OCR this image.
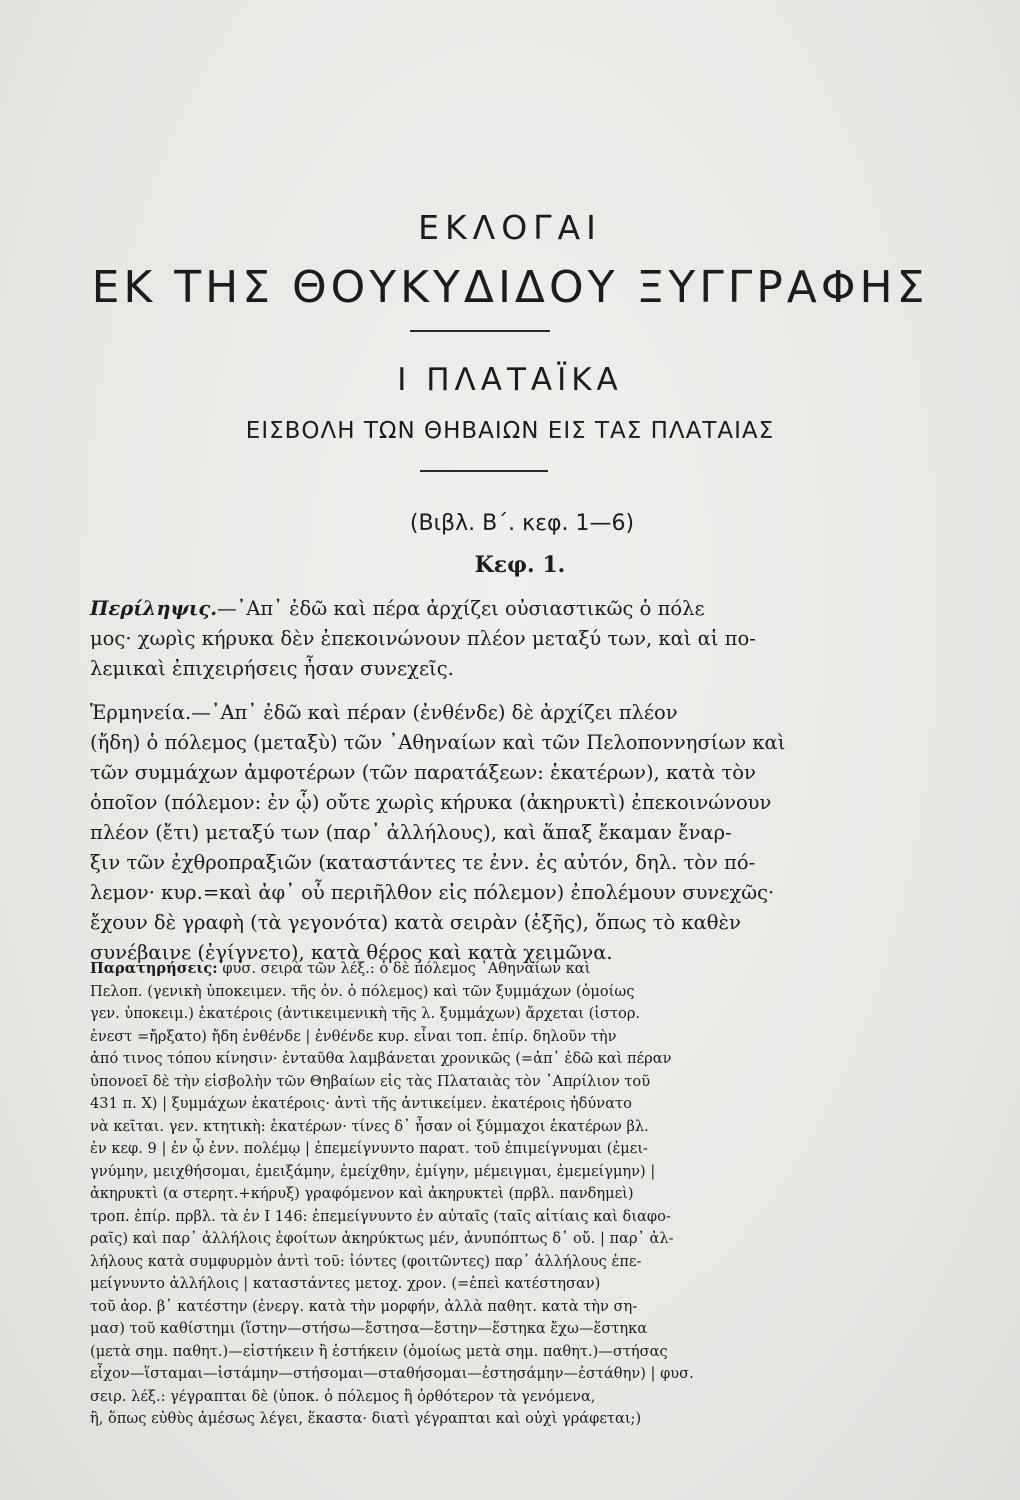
ΕΚΛΟΓΑΙ
ΕΚ ΤΗΣ ΘΟΥΚΥΔΙΔΟΥ ΞΥΓΓΡΑΦΗΣ
Ι ΠΛΑΤΑΪΚΑ
ΕΙΣΒΟΛΗ ΤΩΝ ΘΗΒΑΙΩΝ ΕΙΣ ΤΑΣ ΠΛΑΤΑΙΑΣ
(Βιβλ. Β΄. κεφ. 1—6)
Κεφ. 1.
Περίληψις.—᾿Απ᾿ ἐδῶ καὶ πέρα ἀρχίζει οὐσιαστικῶς ὁ πόλε
μος· χωρὶς κήρυκα δὲν ἐπεκοινώνουν πλέον μεταξύ των, καὶ αἱ πο-
λεμικαὶ ἐπιχειρήσεις ἦσαν συνεχεῖς.
Ἑρμηνεία.—᾿Απ᾿ ἐδῶ καὶ πέραν (ἐνθένδε) δὲ ἀρχίζει πλέον
(ἤδη) ὁ πόλεμος (μεταξὺ) τῶν ᾿Αθηναίων καὶ τῶν Πελοποννησίων καὶ
τῶν συμμάχων ἀμφοτέρων (τῶν παρατάξεων: ἑκατέρων), κατὰ τὸν
ὁποῖον (πόλεμον: ἐν ᾧ) οὔτε χωρὶς κήρυκα (ἀκηρυκτὶ) ἐπεκοινώνουν
πλέον (ἔτι) μεταξύ των (παρ᾿ ἀλλήλους), καὶ ἅπαξ ἔκαμαν ἔναρ-
ξιν τῶν ἐχθροπραξιῶν (καταστάντες τε ἐνν. ἐς αὐτόν, δηλ. τὸν πό-
λεμον· κυρ.=καὶ ἀφ᾿ οὗ περιῆλθον εἰς πόλεμον) ἐπολέμουν συνεχῶς·
ἔχουν δὲ γραφὴ (τὰ γεγονότα) κατὰ σειρὰν (ἑξῆς), ὅπως τὸ καθὲν
συνέβαινε (ἐγίγνετο), κατὰ θέρος καὶ κατὰ χειμῶνα.
Παρατηρήσεις: φυσ. σειρὰ τῶν λέξ.: ὁ δὲ πόλεμος ᾿Αθηναίων καὶ
Πελοπ. (γενικὴ ὑποκειμεν. τῆς ὀν. ὁ πόλεμος) καὶ τῶν ξυμμάχων (ὁμοίως
γεν. ὑποκειμ.) ἑκατέροις (ἀντικειμενικὴ τῆς λ. ξυμμάχων) ἄρχεται (ἱστορ.
ἐνεστ =ἤρξατο) ἤδη ἐνθένδε | ἐνθένδε κυρ. εἶναι τοπ. ἐπίρ. δηλοῦν τὴν
ἀπό τινος τόπου κίνησιν· ἐνταῦθα λαμβάνεται χρονικῶς (=ἀπ᾿ ἐδῶ καὶ πέραν
ὑπονοεῖ δὲ τὴν εἰσβολὴν τῶν Θηβαίων εἰς τὰς Πλαταιὰς τὸν ᾿Απρίλιον τοῦ
431 π. Χ) | ξυμμάχων ἑκατέροις· ἀντὶ τῆς ἀντικείμεν. ἑκατέροις ἠδύνατο
νὰ κεῖται. γεν. κτητικὴ: ἑκατέρων· τίνες δ᾿ ἦσαν οἱ ξύμμαχοι ἑκατέρων βλ.
ἐν κεφ. 9 | ἐν ᾧ ἐνν. πολέμῳ | ἐπεμείγνυντο παρατ. τοῦ ἐπιμείγνυμαι (ἐμει-
γνύμην, μειχθήσομαι, ἐμειξάμην, ἐμείχθην, ἐμίγην, μέμειγμαι, ἐμεμείγμην) |
ἀκηρυκτὶ (α στερητ.+κήρυξ) γραφόμενον καὶ ἀκηρυκτεὶ (πρβλ. πανδημεὶ)
τροπ. ἐπίρ. πρβλ. τὰ ἐν Ι 146: ἐπεμείγνυντο ἐν αὐταῖς (ταῖς αἰτίαις καὶ διαφο-
ραῖς) καὶ παρ᾿ ἀλλήλοις ἐφοίτων ἀκηρύκτως μέν, ἀνυπόπτως δ᾿ οὔ. | παρ᾿ ἀλ-
λήλους κατὰ συμφυρμὸν ἀντὶ τοῦ: ἰόντες (φοιτῶντες) παρ᾿ ἀλλήλους ἐπε-
μείγνυντο ἀλλήλοις | καταστάντες μετοχ. χρον. (=ἐπεὶ κατέστησαν)
τοῦ ἀορ. β᾿ κατέστην (ἐνεργ. κατὰ τὴν μορφήν, ἀλλὰ παθητ. κατὰ τὴν ση-
μασ) τοῦ καθίστημι (ἵστην—στήσω—ἔστησα—ἔστην—ἕστηκα ἔχω—ἕστηκα
(μετὰ σημ. παθητ.)—εἱστήκειν ἢ ἑστήκειν (ὁμοίως μετὰ σημ. παθητ.)—στήσας
εἶχον—ἵσταμαι—ἱστάμην—στήσομαι—σταθήσομαι—ἐστησάμην—ἐστάθην) | φυσ.
σειρ. λέξ.: γέγραπται δὲ (ὑποκ. ὁ πόλεμος ἢ ὀρθότερον τὰ γενόμενα,
ἢ, ὅπως εὐθὺς ἀμέσως λέγει, ἕκαστα· διατὶ γέγραπται καὶ οὐχὶ γράφεται;)
